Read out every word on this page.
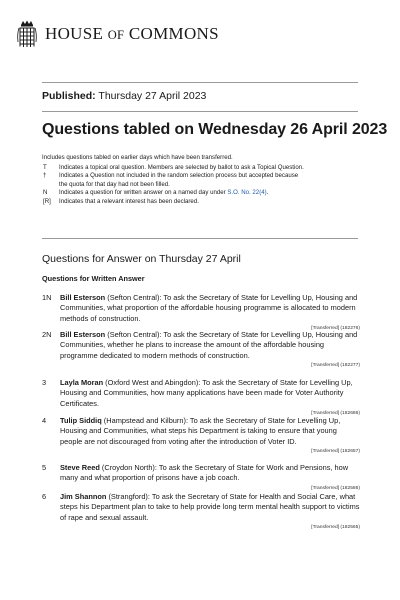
HOUSE OF COMMONS
Published: Thursday 27 April 2023
Questions tabled on Wednesday 26 April 2023
Includes questions tabled on earlier days which have been transferred.
T	Indicates a topical oral question. Members are selected by ballot to ask a Topical Question.
†	Indicates a Question not included in the random selection process but accepted because the quota for that day had not been filled.
N	Indicates a question for written answer on a named day under S.O. No. 22(4).
[R]	Indicates that a relevant interest has been declared.
Questions for Answer on Thursday 27 April
Questions for Written Answer
1N	Bill Esterson (Sefton Central): To ask the Secretary of State for Levelling Up, Housing and Communities, what proportion of the affordable housing programme is allocated to modern methods of construction.
[Transferred] (182276)
2N	Bill Esterson (Sefton Central): To ask the Secretary of State for Levelling Up, Housing and Communities, whether he plans to increase the amount of the affordable housing programme dedicated to modern methods of construction.
[Transferred] (182277)
3	Layla Moran (Oxford West and Abingdon): To ask the Secretary of State for Levelling Up, Housing and Communities, how many applications have been made for Voter Authority Certificates.
[Transferred] (182686)
4	Tulip Siddiq (Hampstead and Kilburn): To ask the Secretary of State for Levelling Up, Housing and Communities, what steps his Department is taking to ensure that young people are not discouraged from voting after the introduction of Voter ID.
[Transferred] (182657)
5	Steve Reed (Croydon North): To ask the Secretary of State for Work and Pensions, how many and what proportion of prisons have a job coach.
[Transferred] (182586)
6	Jim Shannon (Strangford): To ask the Secretary of State for Health and Social Care, what steps his Department plan to take to help provide long term mental health support to victims of rape and sexual assault.
[Transferred] (182565)
